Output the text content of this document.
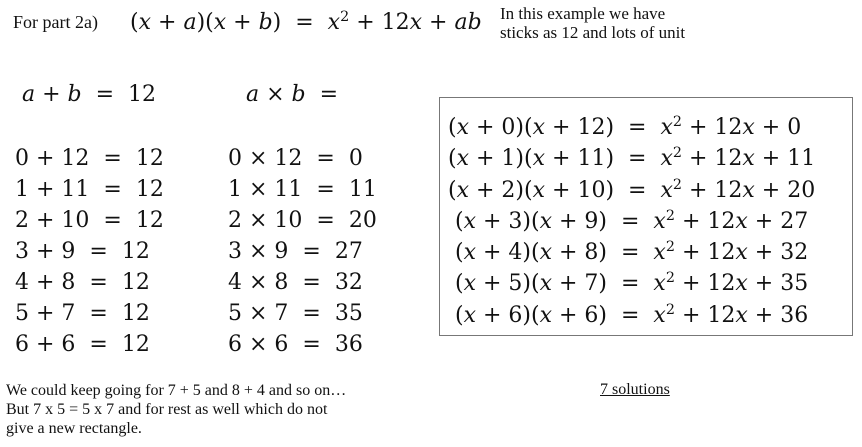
For part 2a) $(x + a)(x + b) = x^2 + 12x$ + ab In this example we have
sticks as 12 and lots of unit
a + b  =  12	a × b  =
0 + 12  =  12
1 + 11  =  12
2 + 10  =  12
3 + 9  =  12
4 + 8  =  12
5 + 7  =  12
6 + 6  =  12
0 × 12  =  0
1 × 11  =  11
2 × 10  =  20
3 × 9  =  27
4 × 8  =  32
5 × 7  =  35
6 × 6  =  36
$(x + 0)(x + 12) = x^2 + 12x + 0$
$(x + 1)(x + 11) = x^2 + 12x + 11$
$(x + 2)(x + 10) = x^2 + 12x + 20$
$(x + 3)(x + 9) = x^2 + 12x + 27$
$(x + 4)(x + 8) = x^2 + 12x + 32$
$(x + 5)(x + 7) = x^2 + 12x + 35$
$(x + 6)(x + 6) = x^2 + 12x + 36$
We could keep going for 7 + 5 and 8 + 4 and so on…
But 7 x 5 = 5 x 7 and for rest as well which do not
give a new rectangle.
7 solutions
